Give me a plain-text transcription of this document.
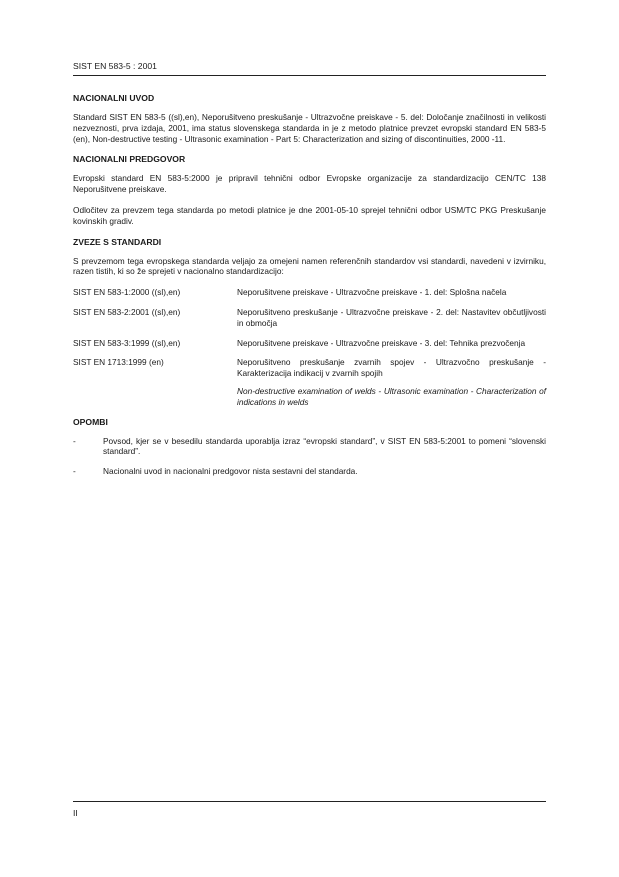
SIST EN 583-5 : 2001
NACIONALNI UVOD

Standard SIST EN 583-5 ((sl),en), Neporušitveno preskušanje - Ultrazvočne preiskave - 5. del: Določanje značilnosti in velikosti nezveznosti, prva izdaja, 2001, ima status slovenskega standarda in je z metodo platnice prevzet evropski standard EN 583-5 (en), Non-destructive testing - Ultrasonic examination - Part 5: Characterization and sizing of discontinuities, 2000 -11.

NACIONALNI PREDGOVOR

Evropski standard EN 583-5:2000 je pripravil tehnični odbor Evropske organizacije za standardizacijo CEN/TC 138 Neporušitvene preiskave.

Odločitev za prevzem tega standarda po metodi platnice je dne 2001-05-10 sprejel tehnični odbor USM/TC PKG Preskušanje kovinskih gradiv.

ZVEZE S STANDARDI

S prevzemom tega evropskega standarda veljajo za omejeni namen referenčnih standardov vsi standardi, navedeni v izvirniku, razen tistih, ki so že sprejeti v nacionalno standardizacijo:

SIST EN 583-1:2000 ((sl),en)	Neporušitvene preiskave - Ultrazvočne preiskave - 1. del: Splošna načela
SIST EN 583-2:2001 ((sl),en)	Neporušitveno preskušanje - Ultrazvočne preiskave - 2. del: Nastavitev občutljivosti in območja
SIST EN 583-3:1999 ((sl),en)	Neporušitvene preiskave - Ultrazvočne preiskave - 3. del: Tehnika prezvočenja
SIST EN 1713:1999 (en)	Neporušitveno preskušanje zvarnih spojev - Ultrazvočno preskušanje - Karakterizacija indikacij v zvarnih spojih
Non-destructive examination of welds - Ultrasonic examination - Characterization of indications in welds
OPOMBI
-	Povsod, kjer se v besedilu standarda uporablja izraz “evropski standard”, v SIST EN 583-5:2001 to pomeni “slovenski standard”.
-	Nacionalni uvod in nacionalni predgovor nista sestavni del standarda.
II
